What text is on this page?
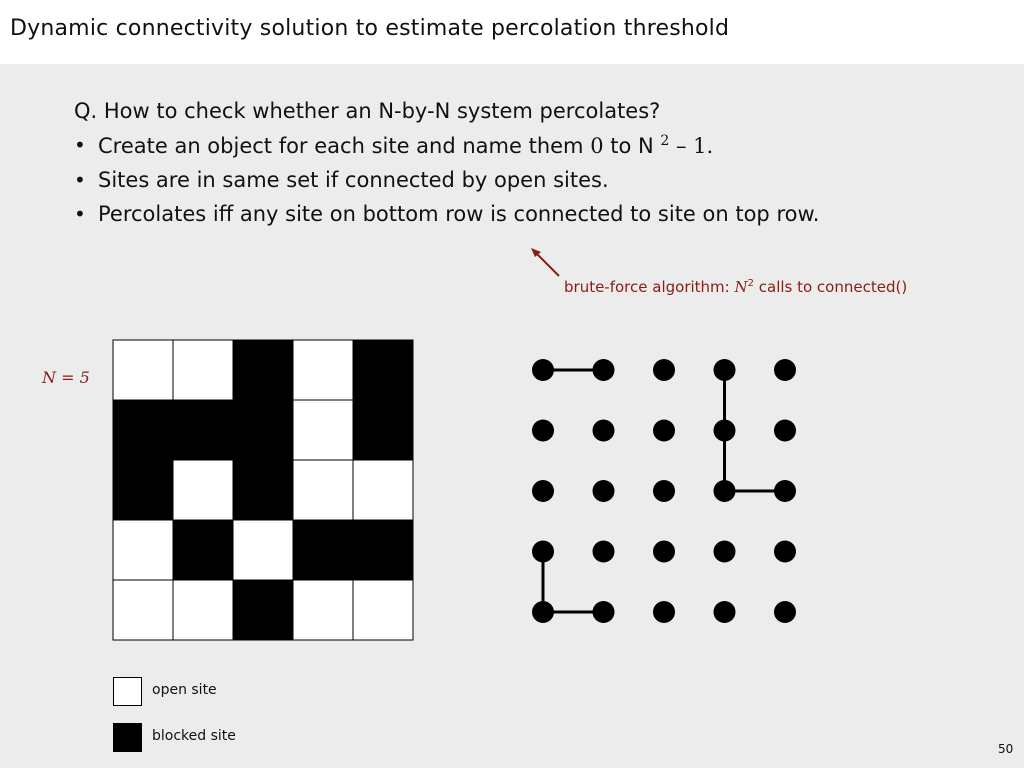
Dynamic connectivity solution to estimate percolation threshold
Q. How to check whether an N-by-N system percolates?
• Create an object for each site and name them 0 to N $^2$ – 1.
• Sites are in same set if connected by open sites.
• Percolates iff any site on bottom row is connected to site on top row.
brute-force algorithm: $N^2$ calls to connected()
N = 5
open site
blocked site
50
